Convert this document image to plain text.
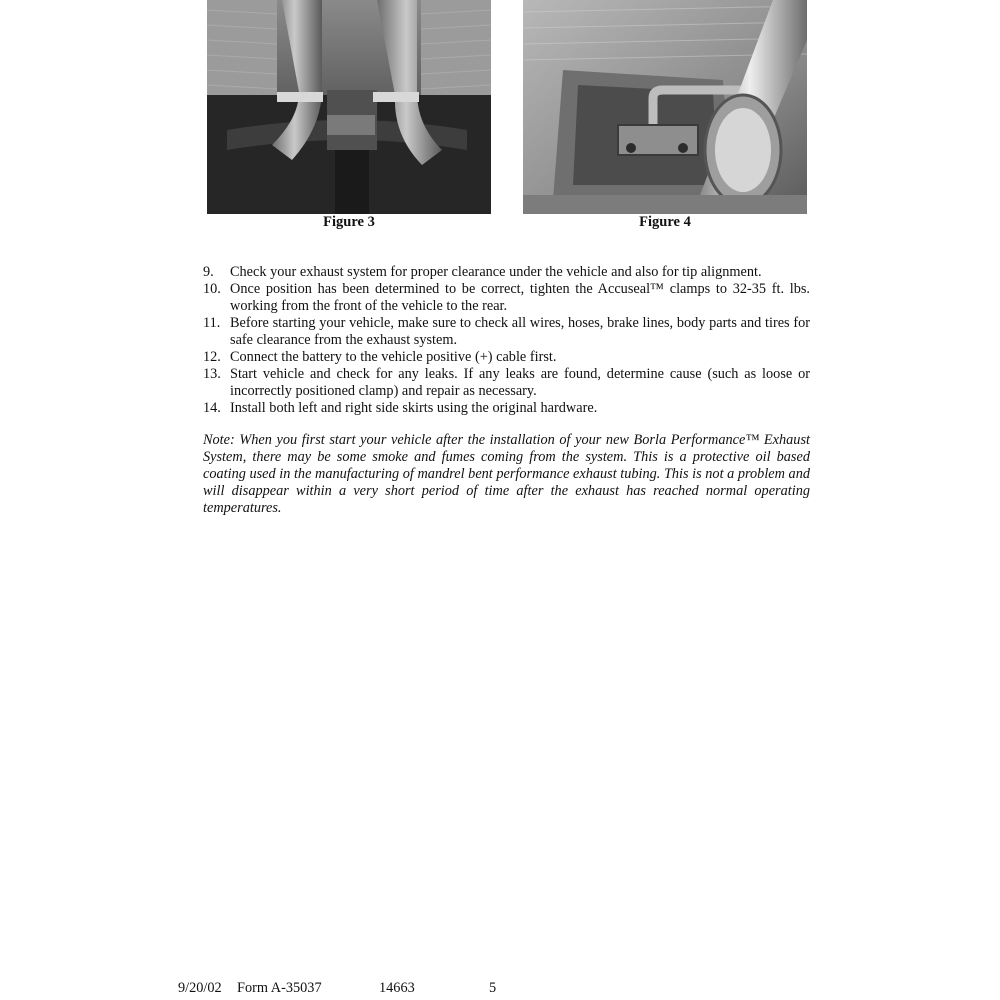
Figure 3	Figure 4
9. Check your exhaust system for proper clearance under the vehicle and also for tip alignment.
10. Once position has been determined to be correct, tighten the Accuseal™ clamps to 32-35 ft. lbs. working from the front of the vehicle to the rear.
11. Before starting your vehicle, make sure to check all wires, hoses, brake lines, body parts and tires for safe clearance from the exhaust system.
12. Connect the battery to the vehicle positive (+) cable first.
13. Start vehicle and check for any leaks. If any leaks are found, determine cause (such as loose or incorrectly positioned clamp) and repair as necessary.
14. Install both left and right side skirts using the original hardware.

Note: When you first start your vehicle after the installation of your new Borla Performance™ Exhaust System, there may be some smoke and fumes coming from the system. This is a protective oil based coating used in the manufacturing of mandrel bent performance exhaust tubing. This is not a problem and will disappear within a very short period of time after the exhaust has reached normal operating temperatures.

9/20/02 Form A-35037	14663	5
